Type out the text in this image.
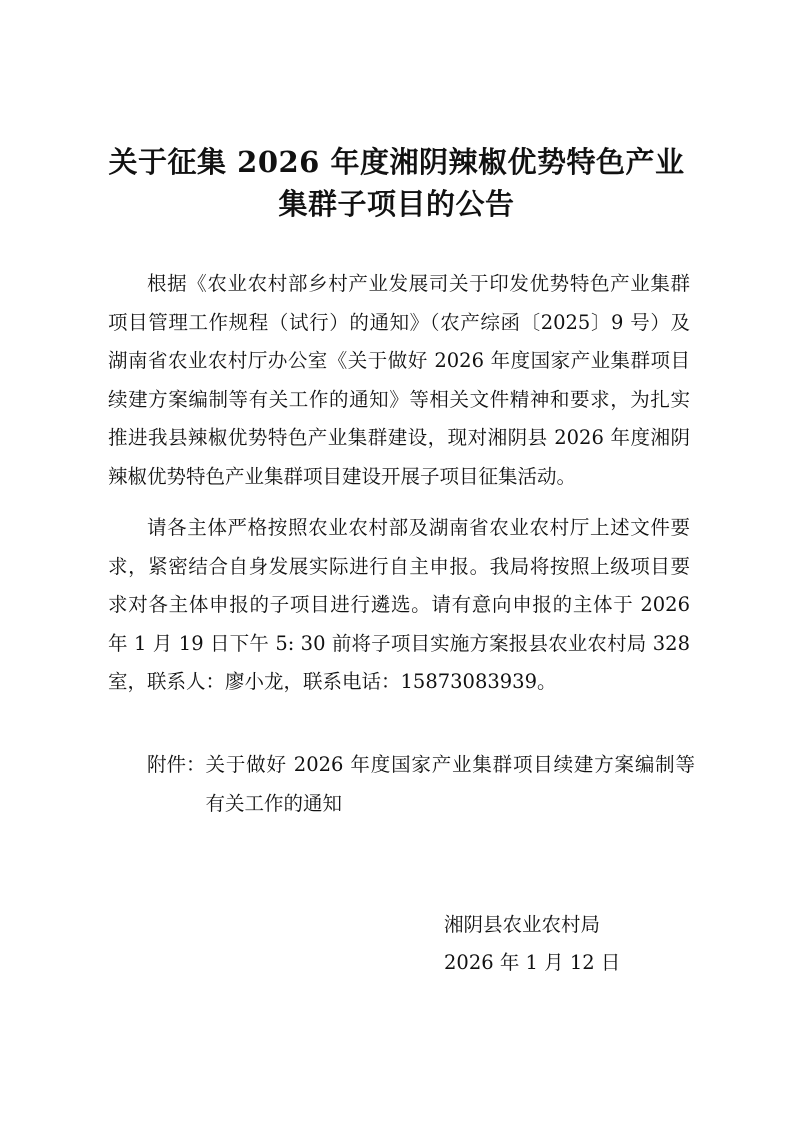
关于征集 2026 年度湘阴辣椒优势特色产业
集群子项目的公告

根据《农业农村部乡村产业发展司关于印发优势特色产业集群项目管理工作规程（试行）的通知》（农产综函〔2025〕9 号）及湖南省农业农村厅办公室《关于做好 2026 年度国家产业集群项目续建方案编制等有关工作的通知》等相关文件精神和要求，为扎实推进我县辣椒优势特色产业集群建设，现对湘阴县 2026 年度湘阴辣椒优势特色产业集群项目建设开展子项目征集活动。

请各主体严格按照农业农村部及湖南省农业农村厅上述文件要求，紧密结合自身发展实际进行自主申报。我局将按照上级项目要求对各主体申报的子项目进行遴选。请有意向申报的主体于 2026 年 1 月 19 日下午 5: 30 前将子项目实施方案报县农业农村局 328 室，联系人：廖小龙，联系电话：15873083939。

附件： 关于做好 2026 年度国家产业集群项目续建方案编制等有关工作的通知
湘阴县农业农村局
2026 年 1 月 12 日
